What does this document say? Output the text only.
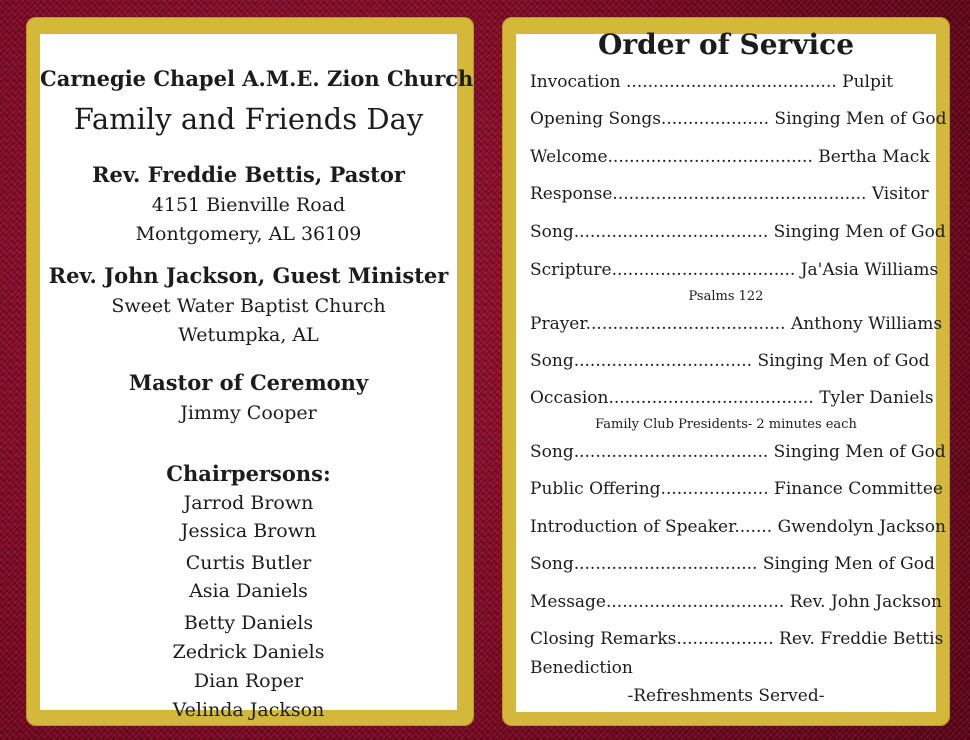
Carnegie Chapel A.M.E. Zion Church
Family and Friends Day
Rev. Freddie Bettis, Pastor
4151 Bienville Road
Montgomery, AL 36109
Rev. John Jackson, Guest Minister
Sweet Water Baptist Church
Wetumpka, AL
Mastor of Ceremony
Jimmy Cooper
Chairpersons:
Jarrod Brown
Jessica Brown
Curtis Butler
Asia Daniels
Betty Daniels
Zedrick Daniels
Dian Roper
Velinda Jackson
Order of Service
Invocation ....................................... Pulpit
Opening Songs.................... Singing Men of God
Welcome...................................... Bertha Mack
Response............................................... Visitor
Song.................................... Singing Men of God
Scripture.................................. Ja'Asia Williams
Psalms 122
Prayer..................................... Anthony Williams
Song................................. Singing Men of God
Occasion...................................... Tyler Daniels
Family Club Presidents- 2 minutes each
Song.................................... Singing Men of God
Public Offering.................... Finance Committee
Introduction of Speaker....... Gwendolyn Jackson
Song.................................. Singing Men of God
Message................................. Rev. John Jackson
Closing Remarks.................. Rev. Freddie Bettis
Benediction
-Refreshments Served-
